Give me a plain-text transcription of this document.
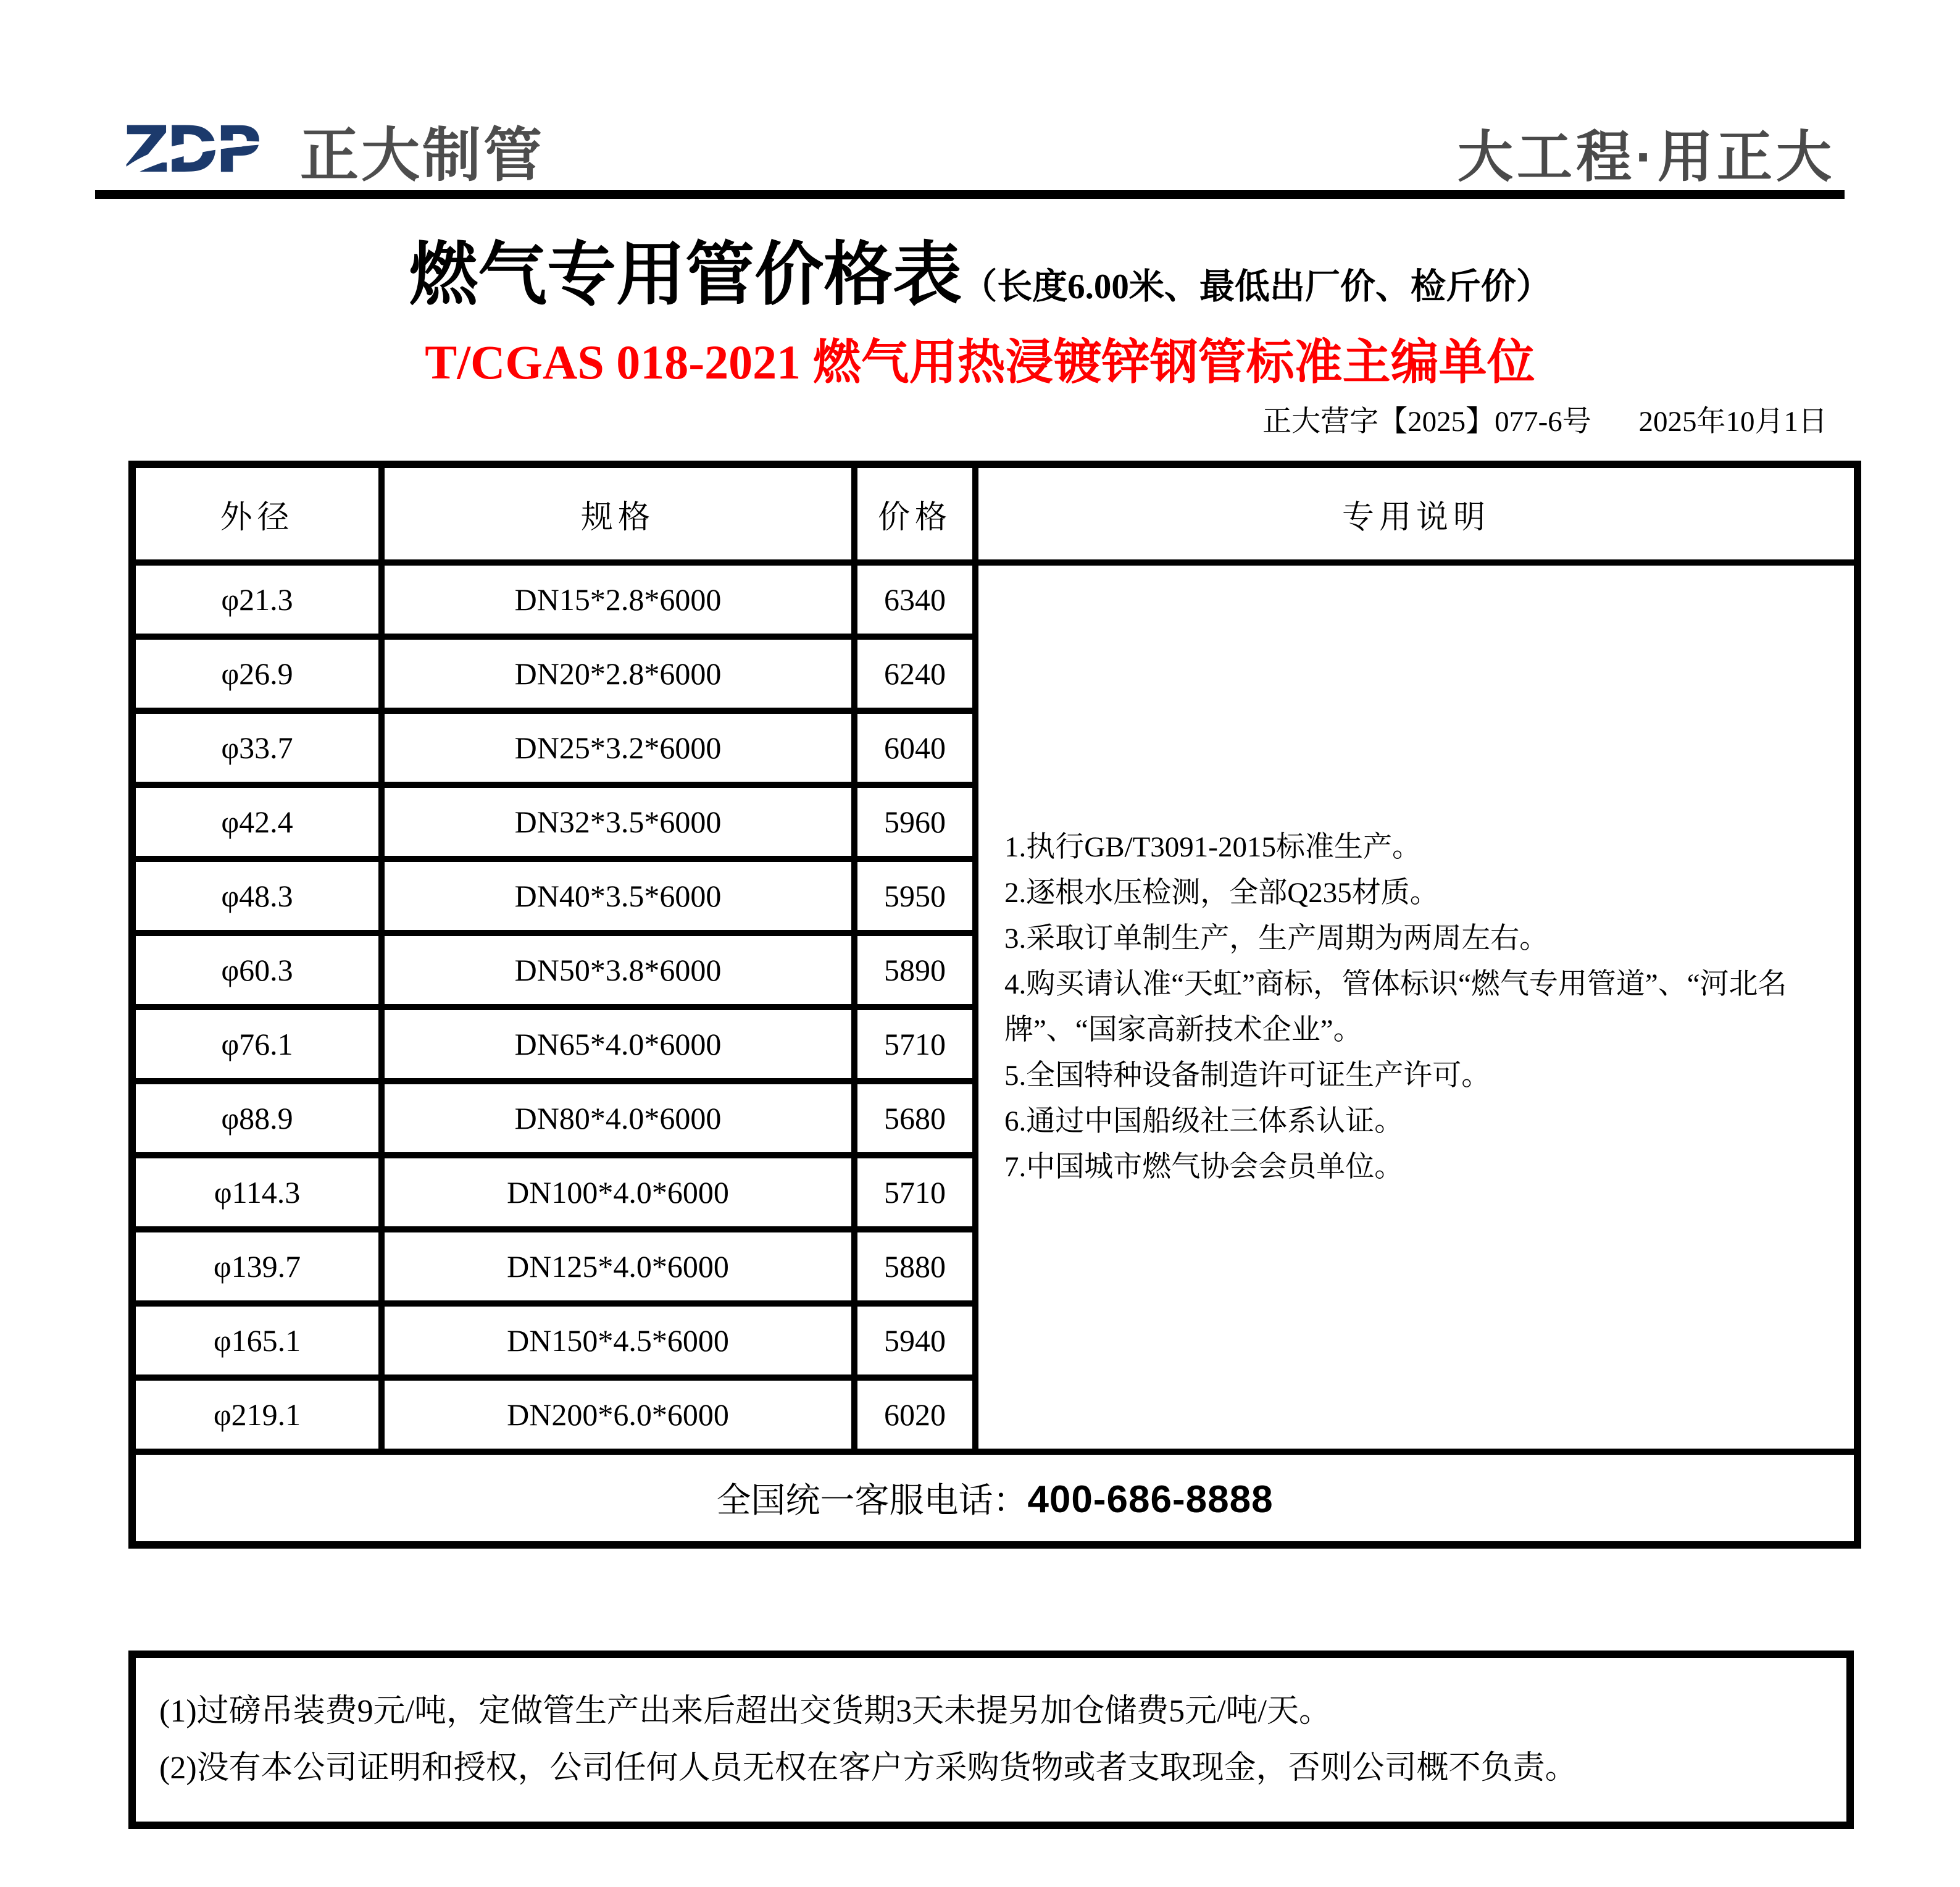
ZDP 正大制管	大工程·用正大
燃气专用管价格表（长度6.00米、最低出厂价、检斤价）
T/CGAS 018-2021 燃气用热浸镀锌钢管标准主编单位
正大营字【2025】077-6号 2025年10月1日
外径	规格	价格	专用说明
φ21.3	DN15*2.8*6000	6340	
1.执行GB/T3091-2015标准生产。
2.逐根水压检测，全部Q235材质。
3.采取订单制生产，生产周期为两周左右。
4.购买请认准“天虹”商标，管体标识“燃气专用管道”、“河北名牌”、“国家高新技术企业”。
5.全国特种设备制造许可证生产许可。
6.通过中国船级社三体系认证。
7.中国城市燃气协会会员单位。

φ26.9	DN20*2.8*6000	6240	
φ33.7	DN25*3.2*6000	6040	
φ42.4	DN32*3.5*6000	5960	
φ48.3	DN40*3.5*6000	5950	
φ60.3	DN50*3.8*6000	5890	
φ76.1	DN65*4.0*6000	5710	
φ88.9	DN80*4.0*6000	5680	
φ114.3	DN100*4.0*6000	5710	
φ139.7	DN125*4.0*6000	5880	
φ165.1	DN150*4.5*6000	5940	
φ219.1	DN200*6.0*6000	6020	
全国统一客服电话：400-686-8888			
(1)过磅吊装费9元/吨，定做管生产出来后超出交货期3天未提另加仓储费5元/吨/天。
(2)没有本公司证明和授权，公司任何人员无权在客户方采购货物或者支取现金，否则公司概不负责。
